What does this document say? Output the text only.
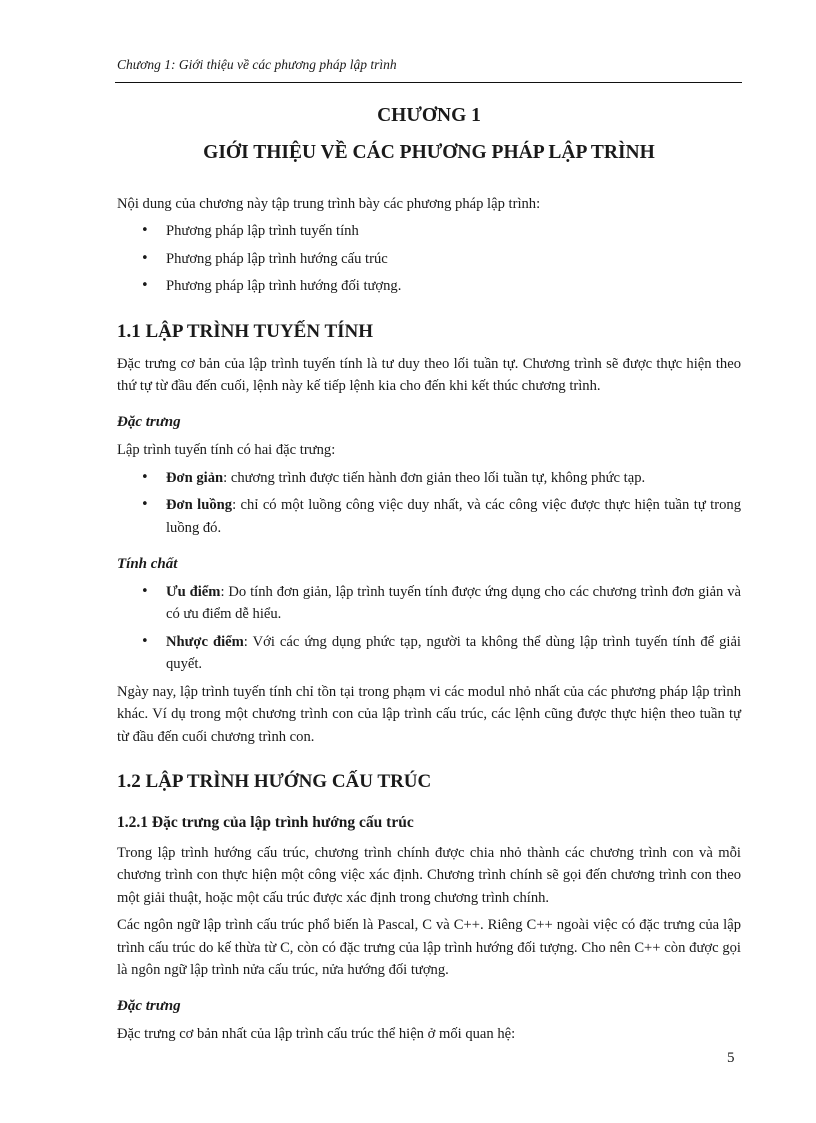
Chương 1: Giới thiệu về các phương pháp lập trình
CHƯƠNG 1
GIỚI THIỆU VỀ CÁC PHƯƠNG PHÁP LẬP TRÌNH

Nội dung của chương này tập trung trình bày các phương pháp lập trình:

• Phương pháp lập trình tuyến tính
• Phương pháp lập trình hướng cấu trúc
• Phương pháp lập trình hướng đối tượng.
1.1 LẬP TRÌNH TUYẾN TÍNH

Đặc trưng cơ bản của lập trình tuyến tính là tư duy theo lối tuần tự. Chương trình sẽ được thực hiện theo thứ tự từ đầu đến cuối, lệnh này kế tiếp lệnh kia cho đến khi kết thúc chương trình.

Đặc trưng

Lập trình tuyến tính có hai đặc trưng:

• Đơn giản: chương trình được tiến hành đơn giản theo lối tuần tự, không phức tạp.
• Đơn luồng: chỉ có một luồng công việc duy nhất, và các công việc được thực hiện tuần tự trong luồng đó.
Tính chất
• Ưu điểm: Do tính đơn giản, lập trình tuyến tính được ứng dụng cho các chương trình đơn giản và có ưu điểm dễ hiểu.
• Nhược điểm: Với các ứng dụng phức tạp, người ta không thể dùng lập trình tuyến tính để giải quyết.

Ngày nay, lập trình tuyến tính chỉ tồn tại trong phạm vi các modul nhỏ nhất của các phương pháp lập trình khác. Ví dụ trong một chương trình con của lập trình cấu trúc, các lệnh cũng được thực hiện theo tuần tự từ đầu đến cuối chương trình con.

1.2 LẬP TRÌNH HƯỚNG CẤU TRÚC
1.2.1 Đặc trưng của lập trình hướng cấu trúc

Trong lập trình hướng cấu trúc, chương trình chính được chia nhỏ thành các chương trình con và mỗi chương trình con thực hiện một công việc xác định. Chương trình chính sẽ gọi đến chương trình con theo một giải thuật, hoặc một cấu trúc được xác định trong chương trình chính.

Các ngôn ngữ lập trình cấu trúc phổ biến là Pascal, C và C++. Riêng C++ ngoài việc có đặc trưng của lập trình cấu trúc do kế thừa từ C, còn có đặc trưng của lập trình hướng đối tượng. Cho nên C++ còn được gọi là ngôn ngữ lập trình nửa cấu trúc, nửa hướng đối tượng.

Đặc trưng

Đặc trưng cơ bản nhất của lập trình cấu trúc thể hiện ở mối quan hệ:

5
